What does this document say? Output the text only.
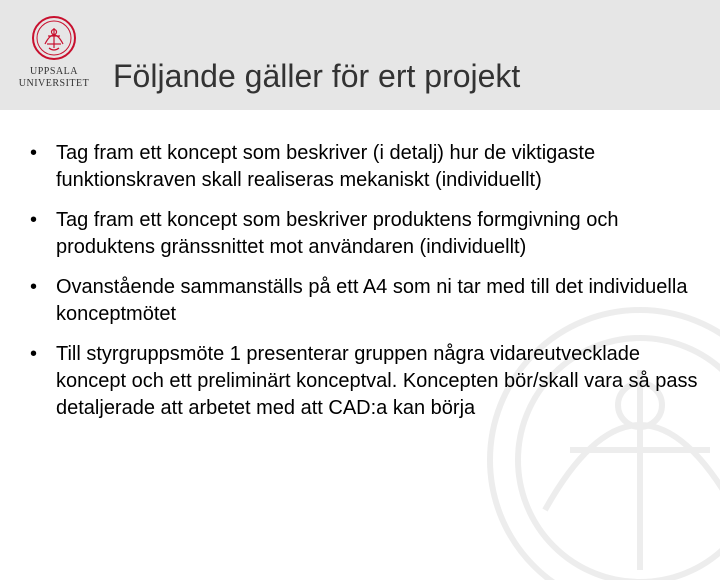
UPPSALA
UNIVERSITET Följande gäller för ert projekt
• Tag fram ett koncept som beskriver (i detalj) hur de viktigaste funktionskraven skall realiseras mekaniskt (individuellt)
• Tag fram ett koncept som beskriver produktens formgivning och produktens gränssnittet mot användaren (individuellt)
• Ovanstående sammanställs på ett A4 som ni tar med till det individuella konceptmötet
• Till styrgruppsmöte 1 presenterar gruppen några vidareutvecklade koncept och ett preliminärt konceptval. Koncepten bör/skall vara så pass detaljerade att arbetet med att CAD:a kan börja
